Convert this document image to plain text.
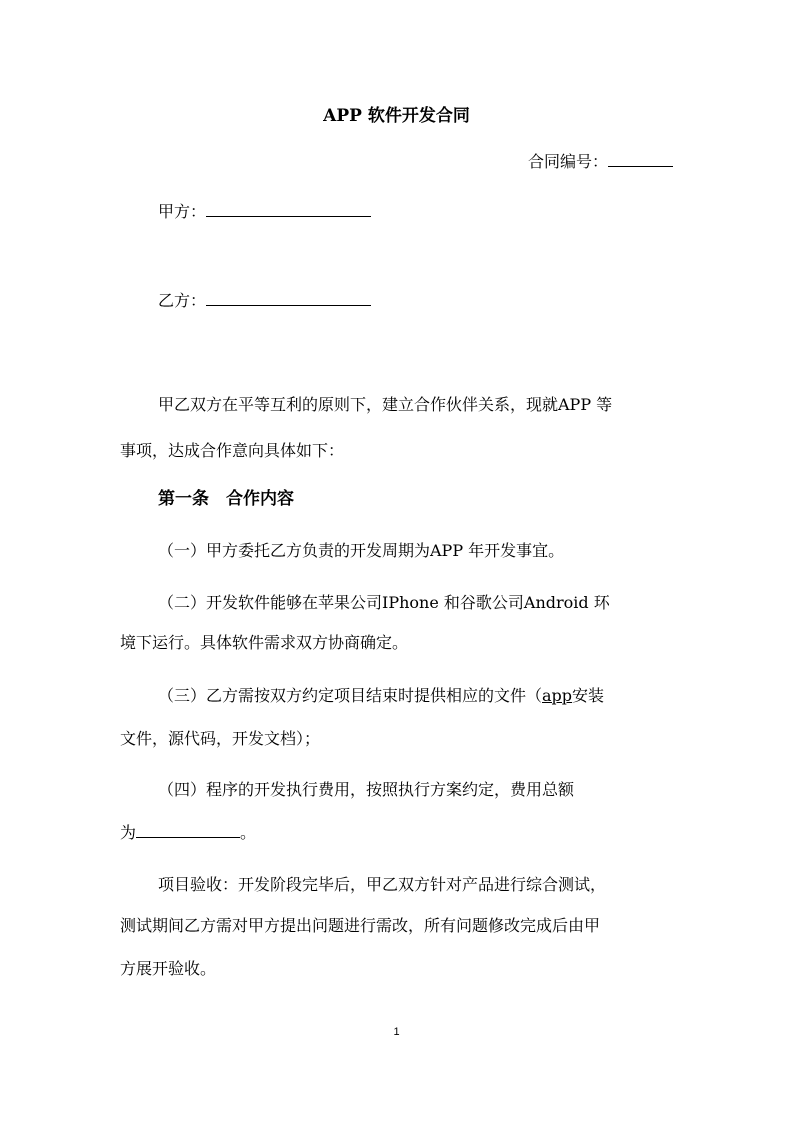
APP 软件开发合同
合同编号：
甲方：
乙方：
甲乙双方在平等互利的原则下，建立合作伙伴关系，现就APP 等
事项，达成合作意向具体如下：
第一条　合作内容
（一）甲方委托乙方负责的开发周期为APP 年开发事宜。
（二）开发软件能够在苹果公司IPhone 和谷歌公司Android 环
境下运行。具体软件需求双方协商确定。
（三）乙方需按双方约定项目结束时提供相应的文件（app安装
文件，源代码，开发文档）；
（四）程序的开发执行费用，按照执行方案约定，费用总额
为	。
项目验收：开发阶段完毕后，甲乙双方针对产品进行综合测试，
测试期间乙方需对甲方提出问题进行需改，所有问题修改完成后由甲
方展开验收。
1
